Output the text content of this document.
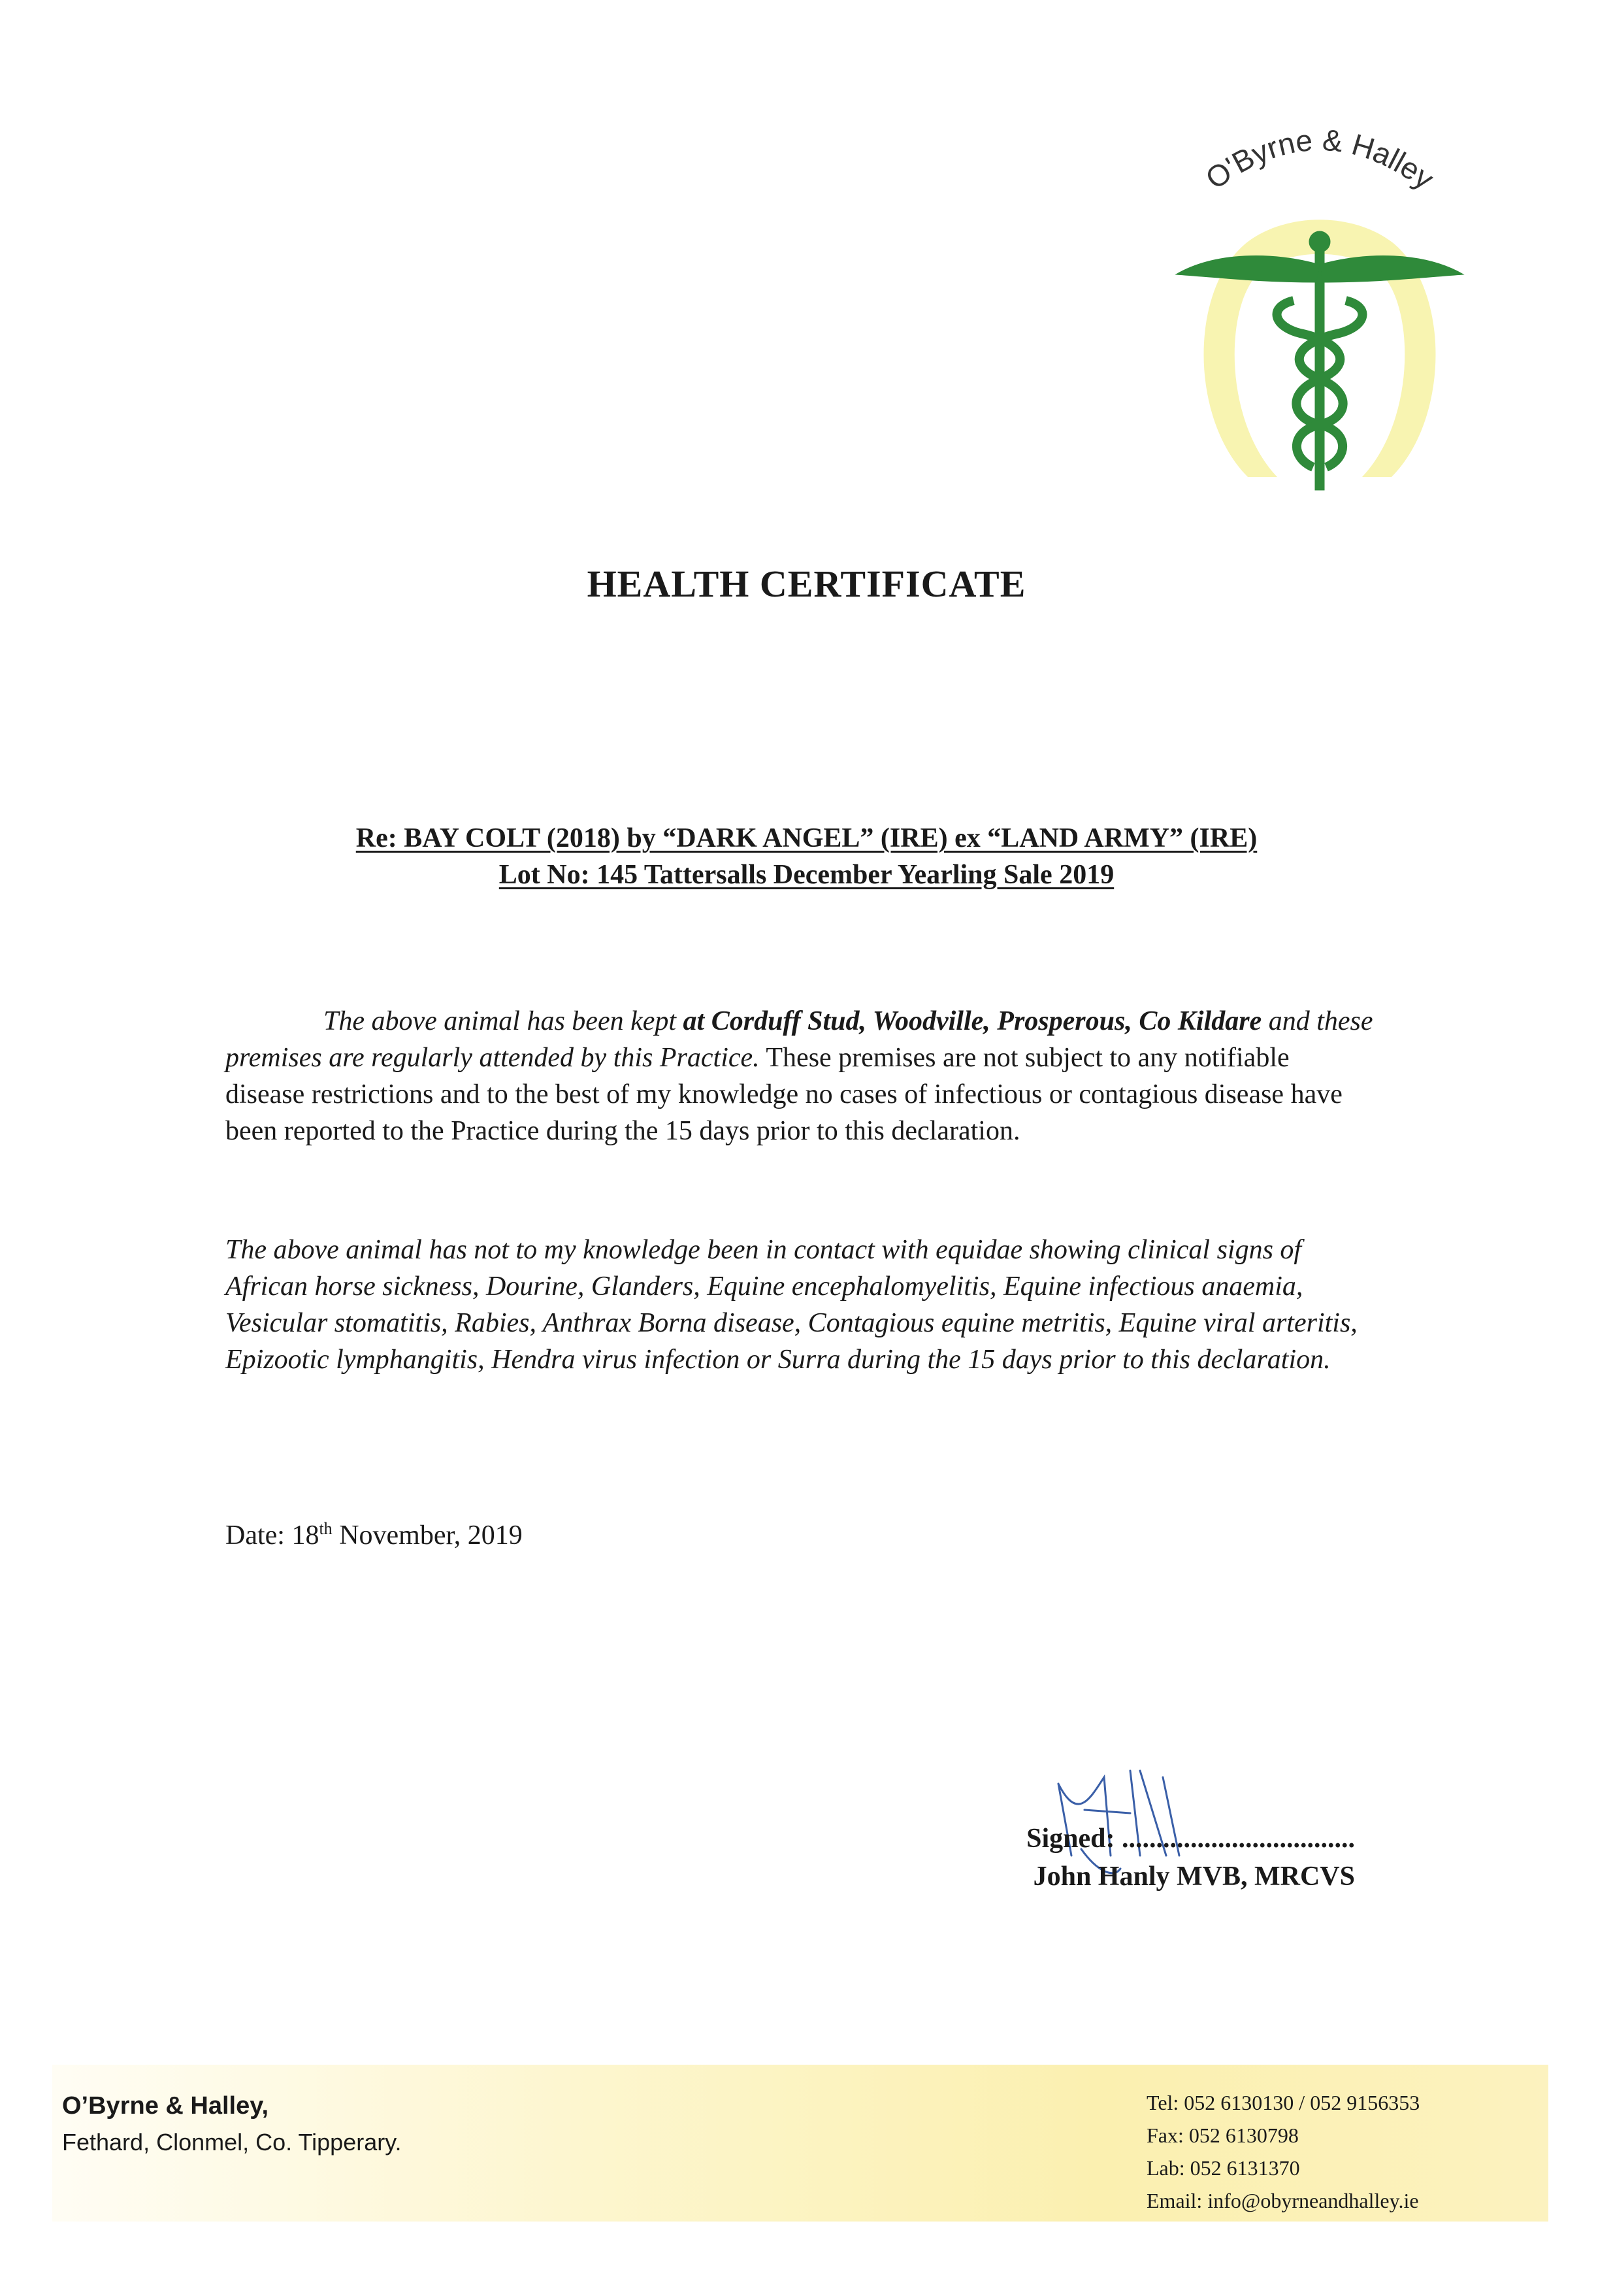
O'Byrne & Halley
HEALTH CERTIFICATE
Re: BAY COLT (2018) by “DARK ANGEL” (IRE) ex “LAND ARMY” (IRE)
Lot No: 145 Tattersalls December Yearling Sale 2019
The above animal has been kept at Corduff Stud, Woodville, Prosperous, Co Kildare and these premises are regularly attended by this Practice. These premises are not subject to any notifiable disease restrictions and to the best of my knowledge no cases of infectious or contagious disease have been reported to the Practice during the 15 days prior to this declaration.
The above animal has not to my knowledge been in contact with equidae showing clinical signs of African horse sickness, Dourine, Glanders, Equine encephalomyelitis, Equine infectious anaemia, Vesicular stomatitis, Rabies, Anthrax Borna disease, Contagious equine metritis, Equine viral arteritis, Epizootic lymphangitis, Hendra virus infection or Surra during the 15 days prior to this declaration.
Date: 18th November, 2019
Signed: ..................................
John Hanly MVB, MRCVS
O’Byrne & Halley,
Fethard, Clonmel, Co. Tipperary.
Tel: 052 6130130 / 052 9156353
Fax: 052 6130798
Lab: 052 6131370
Email: info@obyrneandhalley.ie
